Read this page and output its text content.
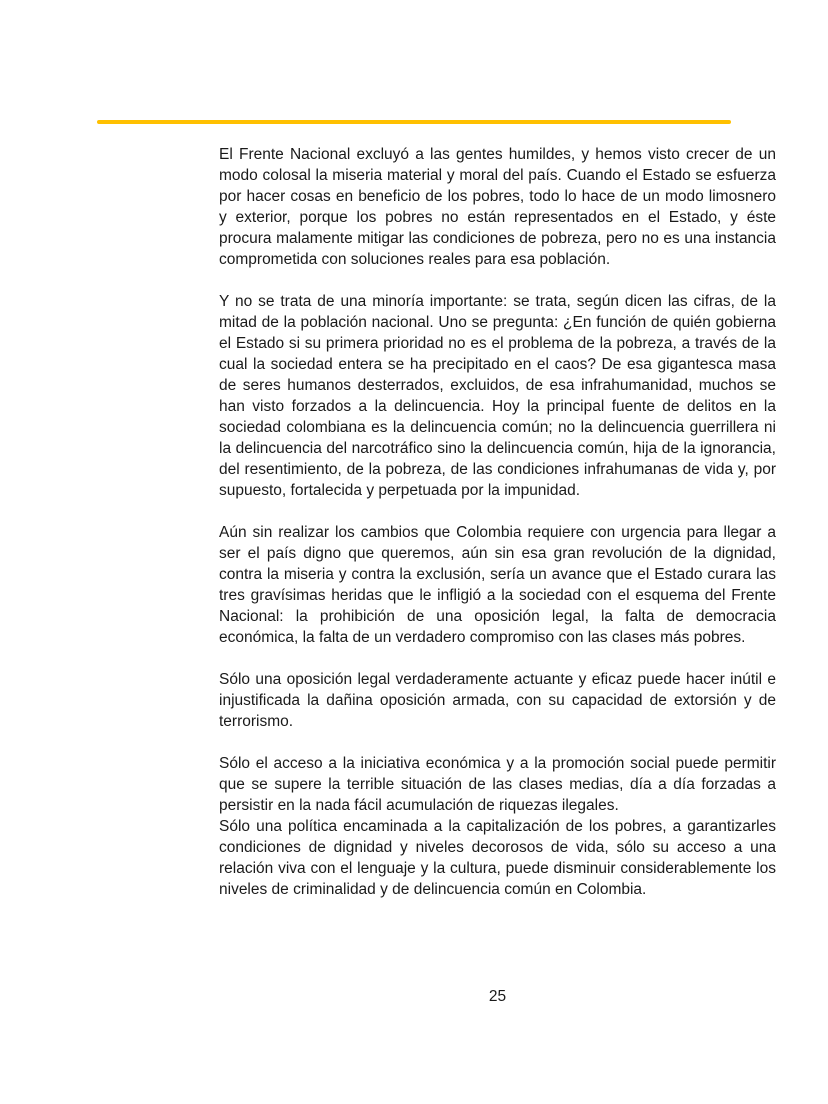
El Frente Nacional excluyó a las gentes humildes, y hemos visto crecer de un modo colosal la miseria material y moral del país. Cuando el Estado se esfuerza por hacer cosas en beneficio de los pobres, todo lo hace de un modo limosnero y exterior, porque los pobres no están representados en el Estado, y éste procura malamente mitigar las condiciones de pobreza, pero no es una instancia comprometida con soluciones reales para esa población.

Y no se trata de una minoría importante: se trata, según dicen las cifras, de la mitad de la población nacional. Uno se pregunta: ¿En función de quién gobierna el Estado si su primera prioridad no es el problema de la pobreza, a través de la cual la sociedad entera se ha precipitado en el caos? De esa gigantesca masa de seres humanos desterrados, excluidos, de esa infrahumanidad, muchos se han visto forzados a la delincuencia. Hoy la principal fuente de delitos en la sociedad colombiana es la delincuencia común; no la delincuencia guerrillera ni la delincuencia del narcotráfico sino la delincuencia común, hija de la ignorancia, del resentimiento, de la pobreza, de las condiciones infrahumanas de vida y, por supuesto, fortalecida y perpetuada por la impunidad.

Aún sin realizar los cambios que Colombia requiere con urgencia para llegar a ser el país digno que queremos, aún sin esa gran revolución de la dignidad, contra la miseria y contra la exclusión, sería un avance que el Estado curara las tres gravísimas heridas que le infligió a la sociedad con el esquema del Frente Nacional: la prohibición de una oposición legal, la falta de democracia económica, la falta de un verdadero compromiso con las clases más pobres.

Sólo una oposición legal verdaderamente actuante y eficaz puede hacer inútil e injustificada la dañina oposición armada, con su capacidad de extorsión y de terrorismo.

Sólo el acceso a la iniciativa económica y a la promoción social puede permitir que se supere la terrible situación de las clases medias, día a día forzadas a persistir en la nada fácil acumulación de riquezas ilegales.

Sólo una política encaminada a la capitalización de los pobres, a garantizarles condiciones de dignidad y niveles decorosos de vida, sólo su acceso a una relación viva con el lenguaje y la cultura, puede disminuir considerablemente los niveles de criminalidad y de delincuencia común en Colombia.

25
